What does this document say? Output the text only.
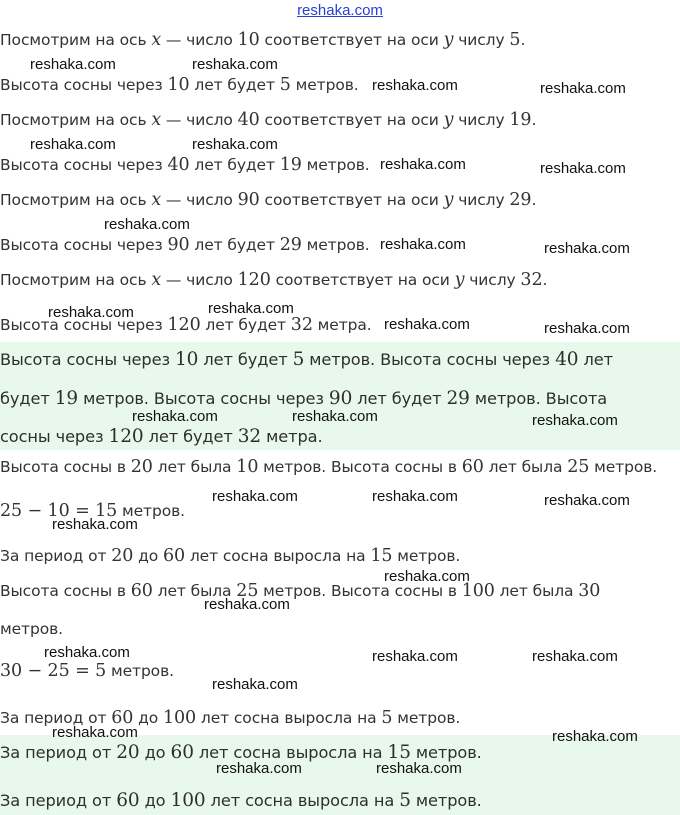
reshaka.com
Посмотрим на ось x — число 10 соответствует на оси y числу 5.
Высота сосны через 10 лет будет 5 метров.
Посмотрим на ось x — число 40 соответствует на оси y числу 19.
Высота сосны через 40 лет будет 19 метров.
Посмотрим на ось x — число 90 соответствует на оси y числу 29.
Высота сосны через 90 лет будет 29 метров.
Посмотрим на ось x — число 120 соответствует на оси y числу 32.
Высота сосны через 120 лет будет 32 метра.
Высота сосны через 10 лет будет 5 метров. Высота сосны через 40 лет
будет 19 метров. Высота сосны через 90 лет будет 29 метров. Высота
сосны через 120 лет будет 32 метра.
Высота сосны в 20 лет была 10 метров. Высота сосны в 60 лет была 25 метров.
25 − 10 = 15 метров.
За период от 20 до 60 лет сосна выросла на 15 метров.
Высота сосны в 60 лет была 25 метров. Высота сосны в 100 лет была 30
метров.
30 − 25 = 5 метров.
За период от 60 до 100 лет сосна выросла на 5 метров.
За период от 20 до 60 лет сосна выросла на 15 метров.
За период от 60 до 100 лет сосна выросла на 5 метров.
reshaka.com	reshaka.com
reshaka.com	reshaka.com
reshaka.com	reshaka.com
reshaka.com	reshaka.com
reshaka.com
reshaka.com	reshaka.com
reshaka.com	reshaka.com
reshaka.com	reshaka.com
reshaka.com	reshaka.com	reshaka.com
reshaka.com	reshaka.com	reshaka.com
reshaka.com
reshaka.com
reshaka.com
reshaka.com	reshaka.com	reshaka.com
reshaka.com
reshaka.com	reshaka.com
reshaka.com	reshaka.com
